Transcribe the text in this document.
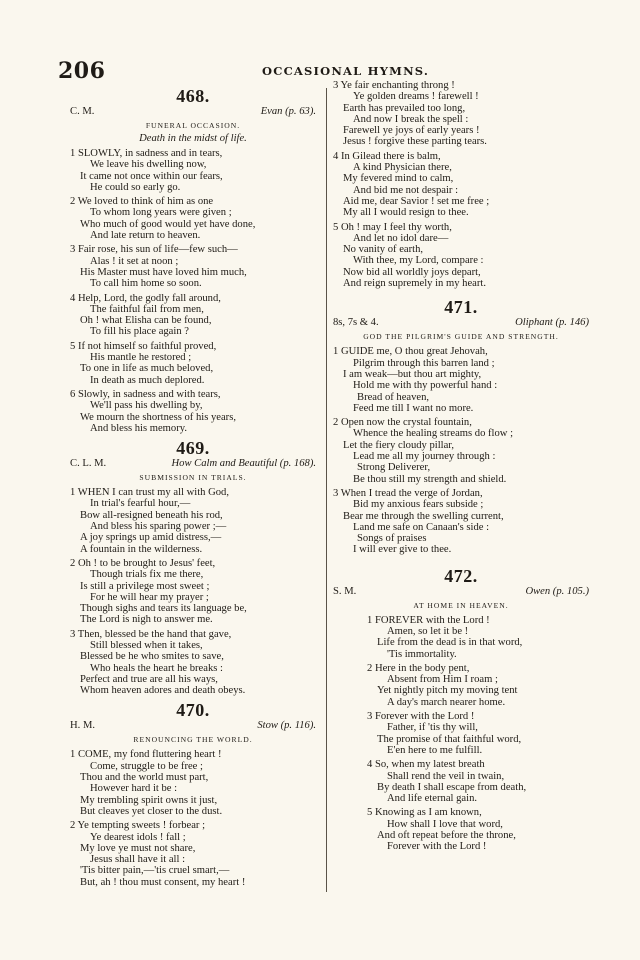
206	OCCASIONAL HYMNS.
468.
C. M.	Evan (p. 63).
FUNERAL OCCASION.
Death in the midst of life.
1 SLOWLY, in sadness and in tears,
We leave his dwelling now,
It came not once within our fears,
He could so early go.
2 We loved to think of him as one
To whom long years were given ;
Who much of good would yet have done,
And late return to heaven.
3 Fair rose, his sun of life—few such—
Alas ! it set at noon ;
His Master must have loved him much,
To call him home so soon.
4 Help, Lord, the godly fall around,
The faithful fail from men,
Oh ! what Elisha can be found,
To fill his place again ?
5 If not himself so faithful proved,
His mantle he restored ;
To one in life as much beloved,
In death as much deplored.
6 Slowly, in sadness and with tears,
We'll pass his dwelling by,
We mourn the shortness of his years,
And bless his memory.
469.
C. L. M.	How Calm and Beautiful (p. 168).
SUBMISSION IN TRIALS.
1 WHEN I can trust my all with God,
In trial's fearful hour,—
Bow all-resigned beneath his rod,
And bless his sparing power ;—
A joy springs up amid distress,—
A fountain in the wilderness.
2 Oh ! to be brought to Jesus' feet,
Though trials fix me there,
Is still a privilege most sweet ;
For he will hear my prayer ;
Though sighs and tears its language be,
The Lord is nigh to answer me.
3 Then, blessed be the hand that gave,
Still blessed when it takes,
Blessed be he who smites to save,
Who heals the heart he breaks :
Perfect and true are all his ways,
Whom heaven adores and death obeys.
470.
H. M.	Stow (p. 116).
RENOUNCING THE WORLD.
1 COME, my fond fluttering heart !
Come, struggle to be free ;
Thou and the world must part,
However hard it be :
My trembling spirit owns it just,
But cleaves yet closer to the dust.
2 Ye tempting sweets ! forbear ;
Ye dearest idols ! fall ;
My love ye must not share,
Jesus shall have it all :
'Tis bitter pain,—'tis cruel smart,—
But, ah ! thou must consent, my heart !
3 Ye fair enchanting throng !
Ye golden dreams ! farewell !
Earth has prevailed too long,
And now I break the spell :
Farewell ye joys of early years !
Jesus ! forgive these parting tears.
4 In Gilead there is balm,
A kind Physician there,
My fevered mind to calm,
And bid me not despair :
Aid me, dear Savior ! set me free ;
My all I would resign to thee.
5 Oh ! may I feel thy worth,
And let no idol dare—
No vanity of earth,
With thee, my Lord, compare :
Now bid all worldly joys depart,
And reign supremely in my heart.
471.
8s, 7s & 4.	Oliphant (p. 146)
GOD THE PILGRIM'S GUIDE AND STRENGTH.
1 GUIDE me, O thou great Jehovah,
Pilgrim through this barren land ;
I am weak—but thou art mighty,
Hold me with thy powerful hand :
Bread of heaven,
Feed me till I want no more.
2 Open now the crystal fountain,
Whence the healing streams do flow ;
Let the fiery cloudy pillar,
Lead me all my journey through :
Strong Deliverer,
Be thou still my strength and shield.
3 When I tread the verge of Jordan,
Bid my anxious fears subside ;
Bear me through the swelling current,
Land me safe on Canaan's side :
Songs of praises
I will ever give to thee.
472.
S. M.	Owen (p. 105.)
AT HOME IN HEAVEN.
1 FOREVER with the Lord !
Amen, so let it be !
Life from the dead is in that word,
'Tis immortality.
2 Here in the body pent,
Absent from Him I roam ;
Yet nightly pitch my moving tent
A day's march nearer home.
3 Forever with the Lord !
Father, if 'tis thy will,
The promise of that faithful word,
E'en here to me fulfill.
4 So, when my latest breath
Shall rend the veil in twain,
By death I shall escape from death,
And life eternal gain.
5 Knowing as I am known,
How shall I love that word,
And oft repeat before the throne,
Forever with the Lord !
